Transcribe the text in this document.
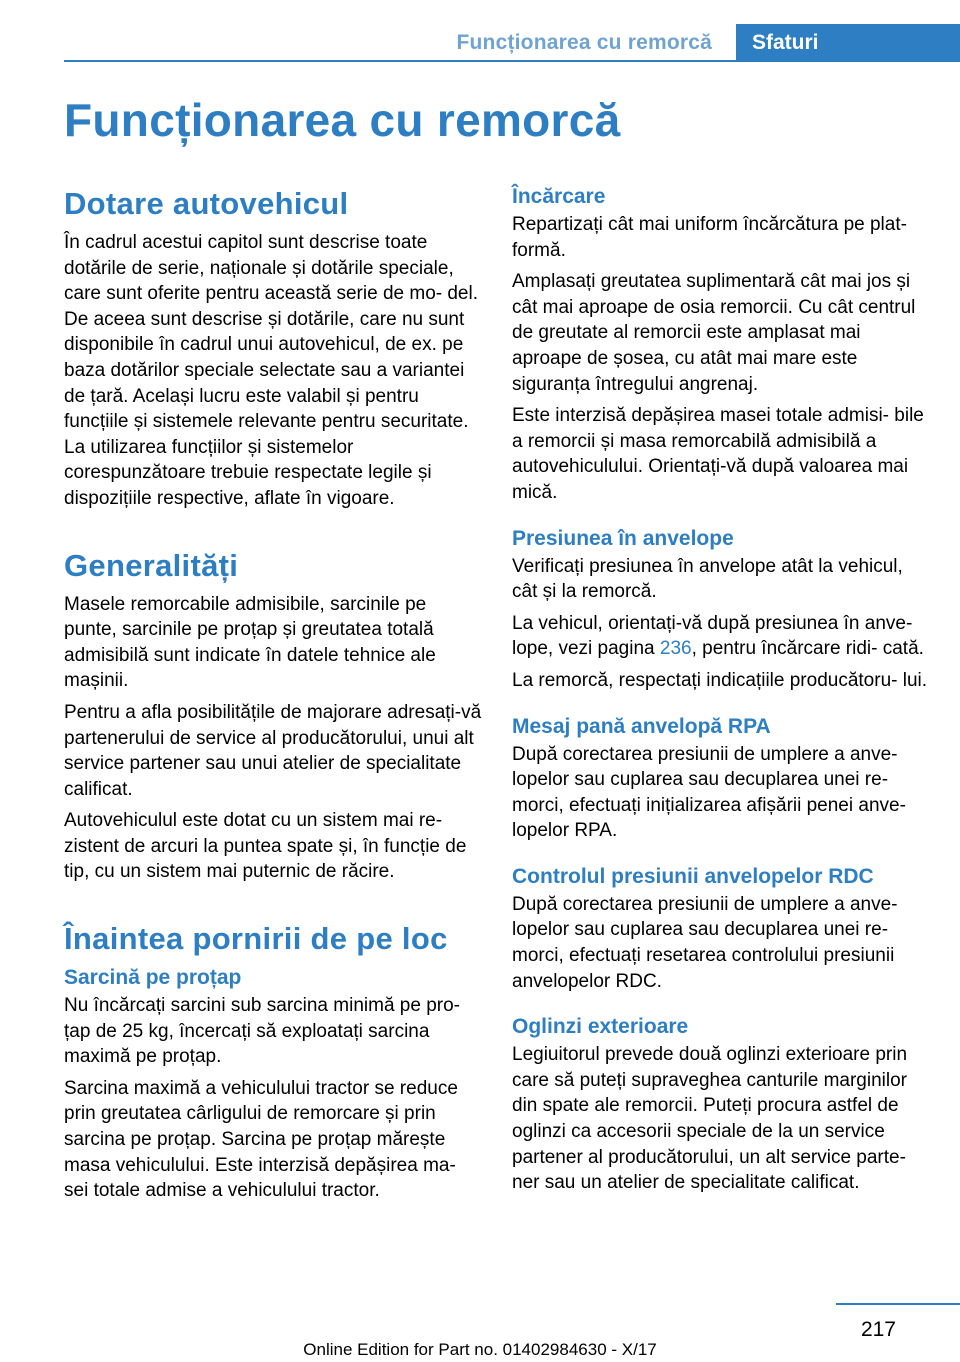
Funcționarea cu remorcă Sfaturi
Funcționarea cu remorcă
Dotare autovehicul

În cadrul acestui capitol sunt descrise toate dotările de serie, naționale și dotările speciale, care sunt oferite pentru această serie de mo‐ del. De aceea sunt descrise și dotările, care nu sunt disponibile în cadrul unui autovehicul, de ex. pe baza dotărilor speciale selectate sau a variantei de țară. Același lucru este valabil și pentru funcțiile și sistemele relevante pentru securitate. La utilizarea funcțiilor și sistemelor corespunzătoare trebuie respectate legile și dispozițiile respective, aflate în vigoare.

Generalități

Masele remorcabile admisibile, sarcinile pe punte, sarcinile pe proțap și greutatea totală admisibilă sunt indicate în datele tehnice ale mașinii.

Pentru a afla posibilitățile de majorare adresați-vă partenerului de service al producătorului, unui alt service partener sau unui atelier de specialitate calificat.

Autovehiculul este dotat cu un sistem mai re‐ zistent de arcuri la puntea spate și, în funcție de tip, cu un sistem mai puternic de răcire.

Înaintea pornirii de pe loc
Sarcină pe proțap

Nu încărcați sarcini sub sarcina minimă pe pro‐ țap de 25 kg, încercați să exploatați sarcina maximă pe proțap.

Sarcina maximă a vehiculului tractor se reduce prin greutatea cârligului de remorcare și prin sarcina pe proțap. Sarcina pe proțap mărește masa vehiculului. Este interzisă depășirea ma‐ sei totale admise a vehiculului tractor.

Încărcare

Repartizați cât mai uniform încărcătura pe plat‐ formă.

Amplasați greutatea suplimentară cât mai jos și cât mai aproape de osia remorcii. Cu cât centrul de greutate al remorcii este amplasat mai aproape de șosea, cu atât mai mare este siguranța întregului angrenaj.

Este interzisă depășirea masei totale admisi‐ bile a remorcii și masa remorcabilă admisibilă a autovehiculului. Orientați-vă după valoarea mai mică.

Presiunea în anvelope

Verificați presiunea în anvelope atât la vehicul, cât și la remorcă.

La vehicul, orientați-vă după presiunea în anve‐ lope, vezi pagina 236, pentru încărcare ridi‐ cată.

La remorcă, respectați indicațiile producătoru‐ lui.

Mesaj pană anvelopă RPA

După corectarea presiunii de umplere a anve‐ lopelor sau cuplarea sau decuplarea unei re‐ morci, efectuați inițializarea afișării penei anve‐ lopelor RPA.

Controlul presiunii anvelopelor RDC

După corectarea presiunii de umplere a anve‐ lopelor sau cuplarea sau decuplarea unei re‐ morci, efectuați resetarea controlului presiunii anvelopelor RDC.

Oglinzi exterioare

Legiuitorul prevede două oglinzi exterioare prin care să puteți supraveghea canturile marginilor din spate ale remorcii. Puteți procura astfel de oglinzi ca accesorii speciale de la un service partener al producătorului, un alt service parte‐ ner sau un atelier de specialitate calificat.

217
Online Edition for Part no. 01402984630 - X/17
